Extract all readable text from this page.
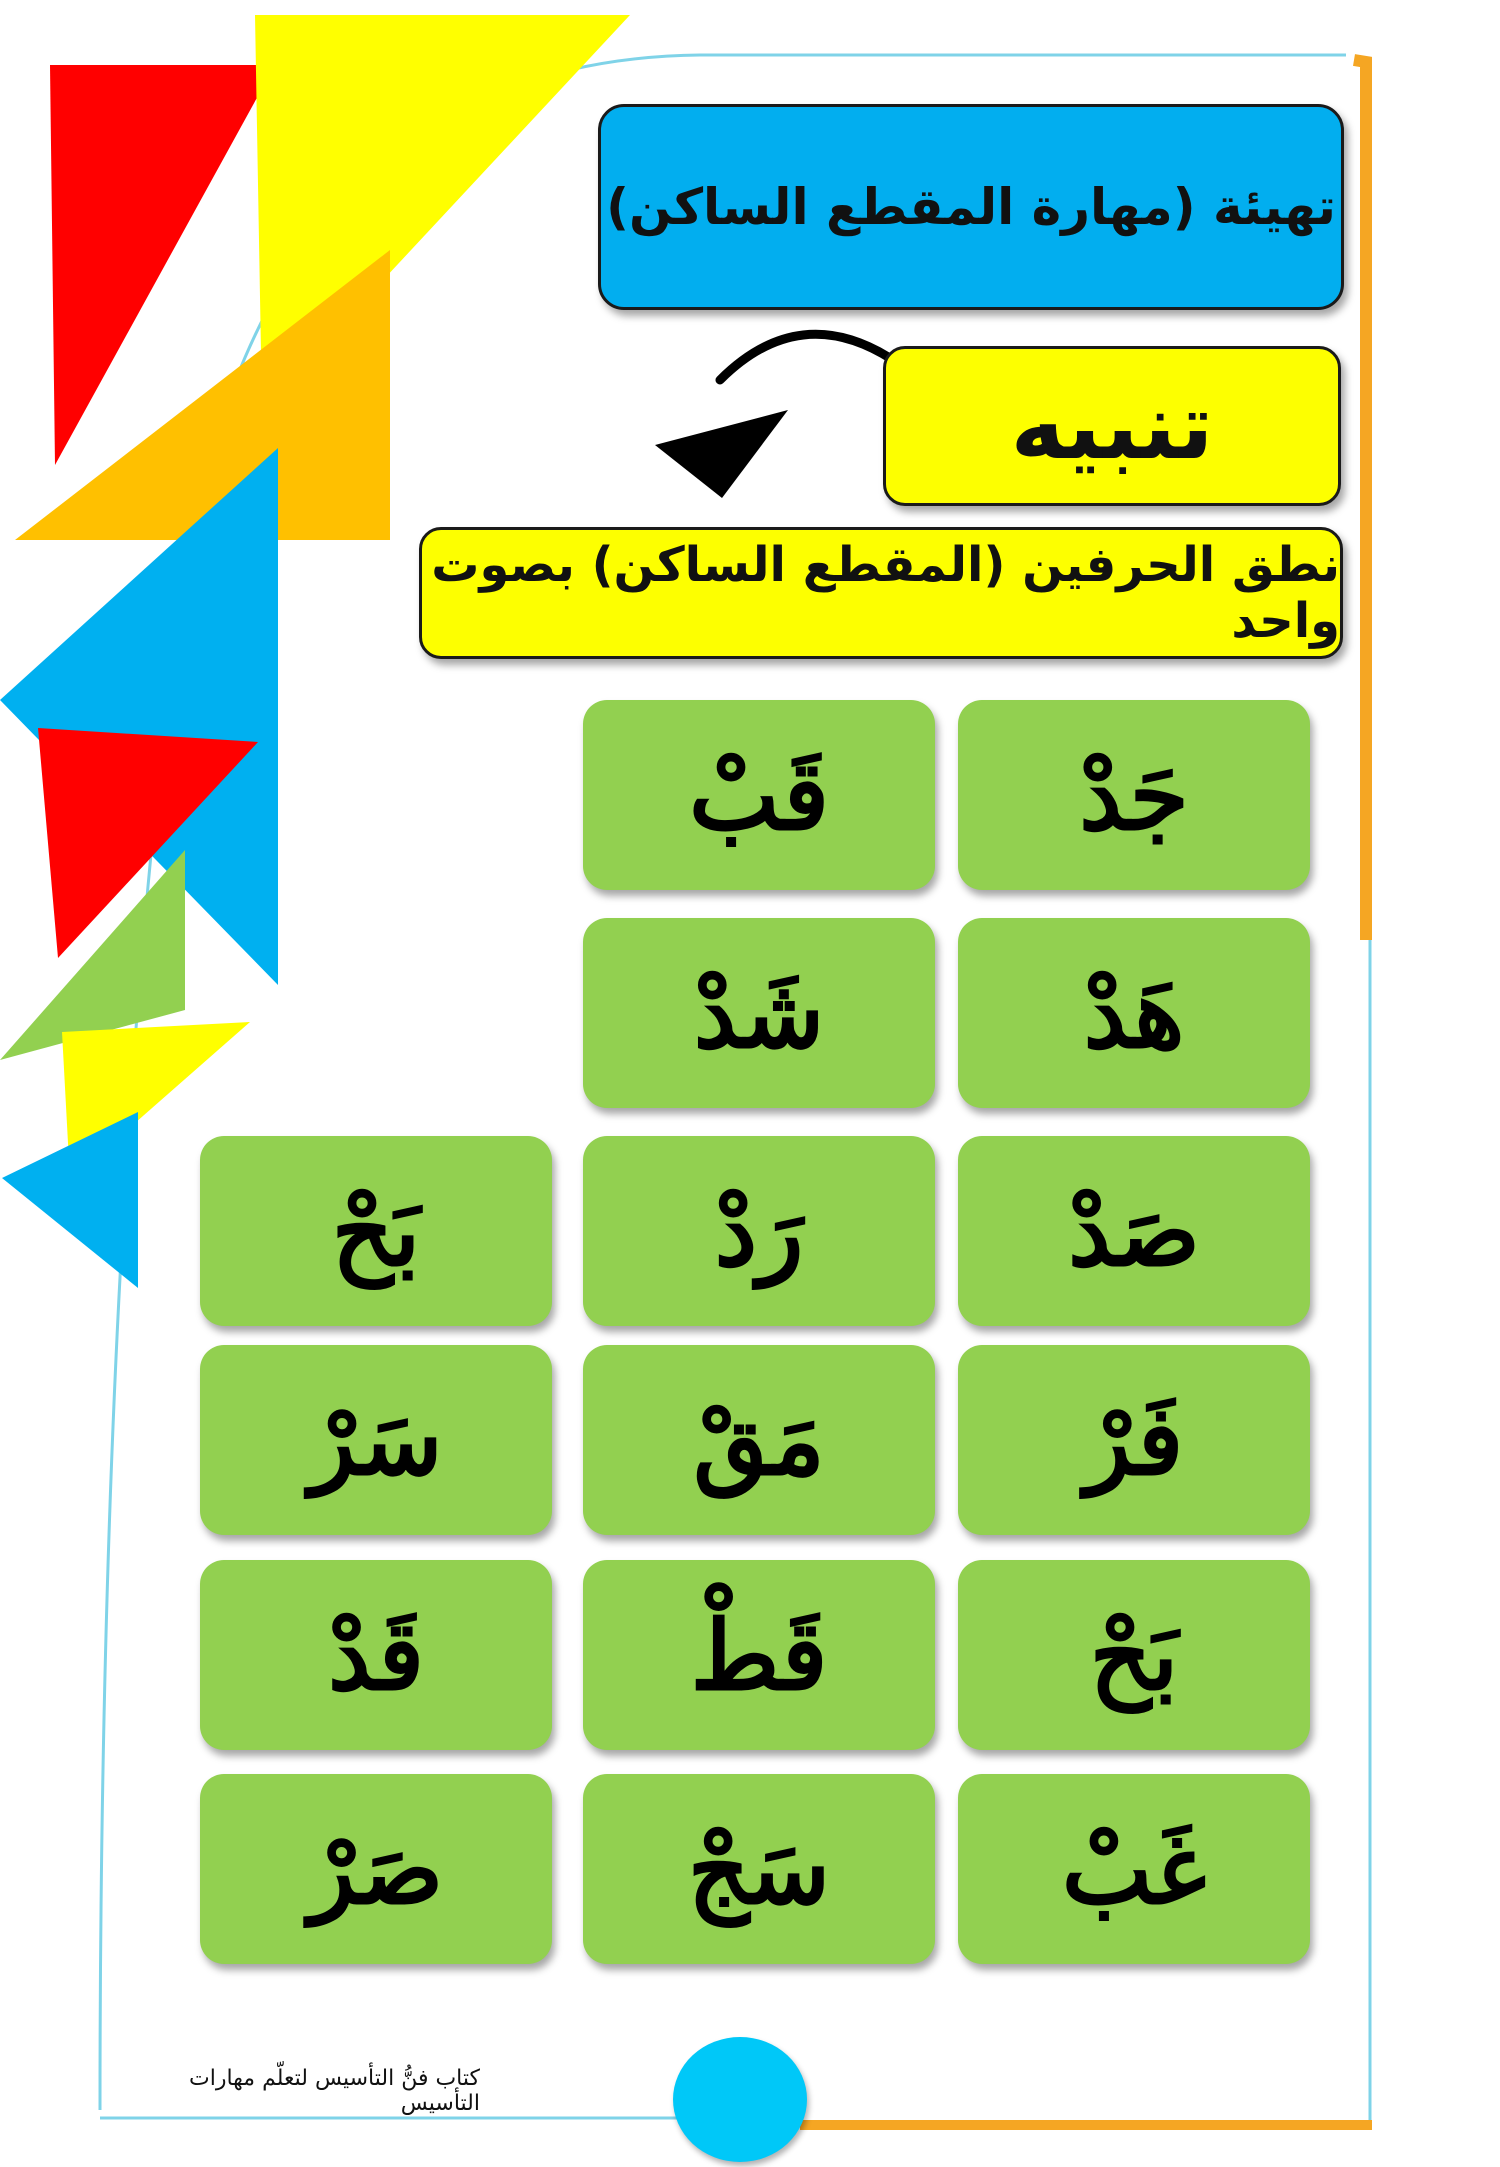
تهيئة (مهارة المقطع الساكن)
تنبيه
نطق الحرفين (المقطع الساكن) بصوت واحد
جَدْ
قَبْ
هَدْ
شَدْ
صَدْ
رَدْ
بَحْ
فَرْ
مَقْ
سَرْ
بَحْ
قَطْ
قَدْ
غَبْ
سَجْ
صَرْ
كتاب فنُّ التأسيس لتعلّم مهارات التأسيس
